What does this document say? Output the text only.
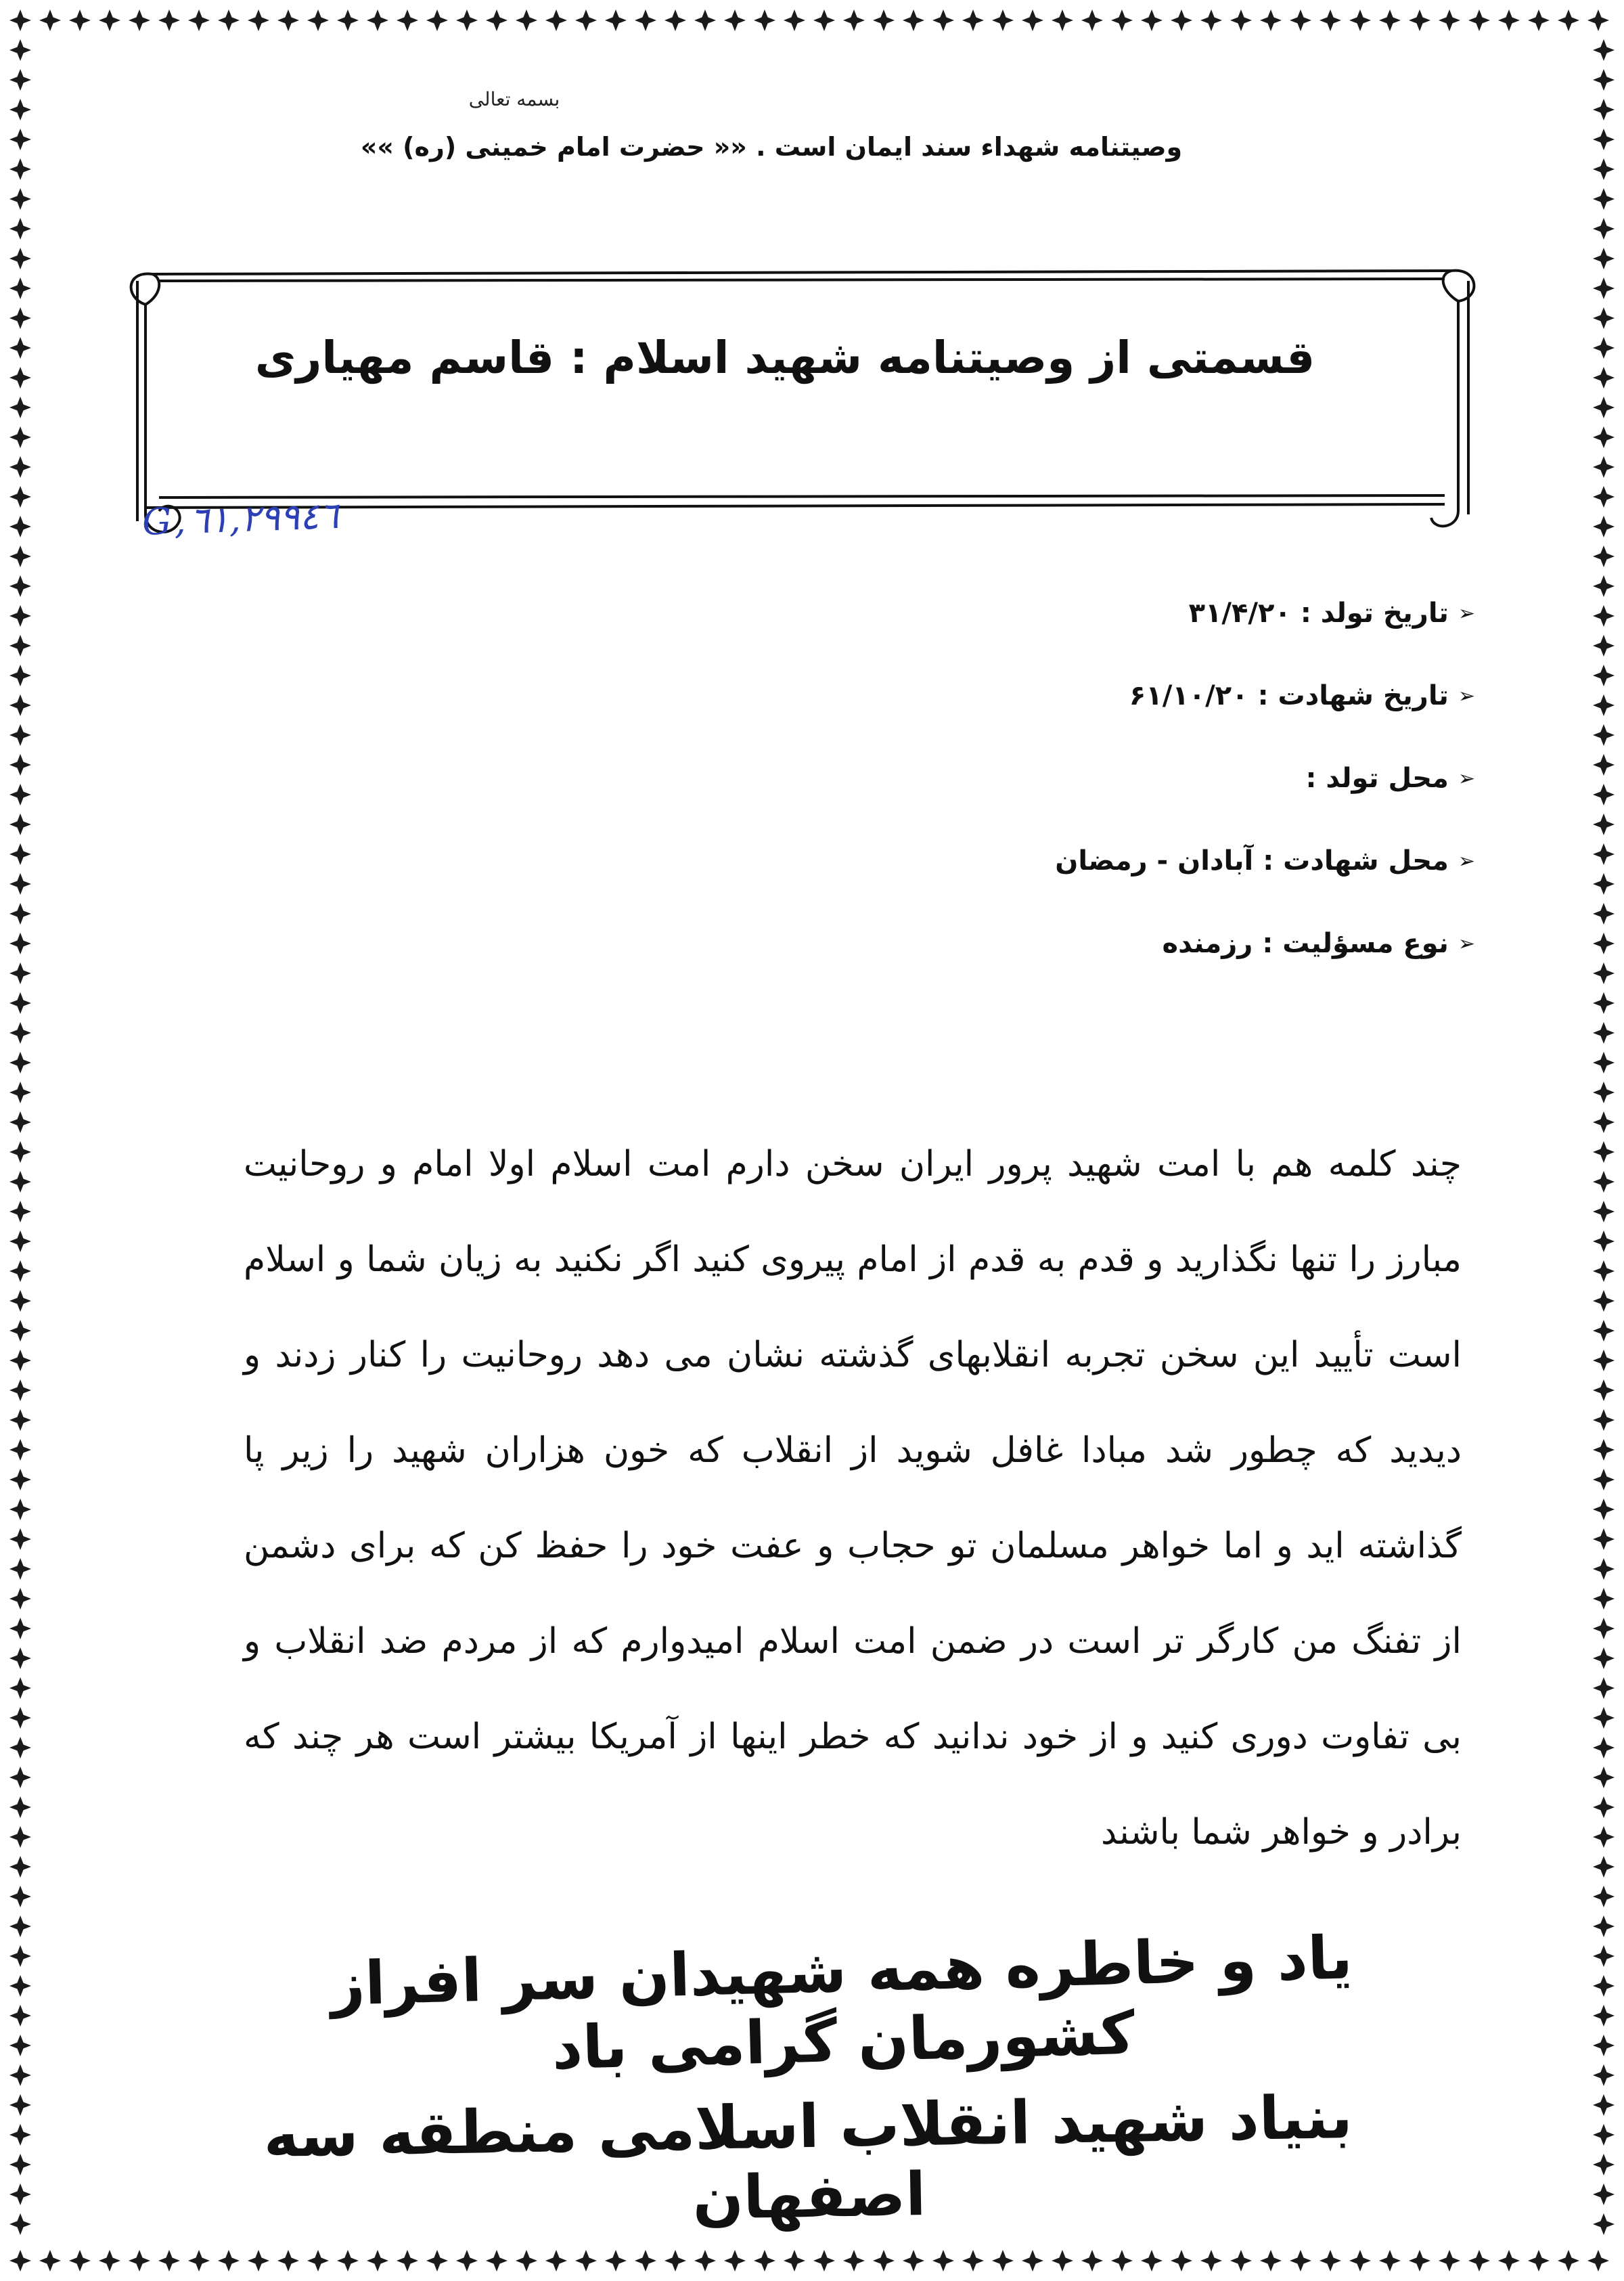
بسمه تعالی
وصیتنامه شهداء سند ایمان است . «« حضرت امام خمینی (ره) »»
قسمتی از وصیتنامه شهید اسلام : قاسم مهیاری
G,٦١,٢٩٩٤٦
➢
تاریخ تولد :
۳۱/۴/۲۰
➢
تاریخ شهادت :
۶۱/۱۰/۲۰
➢
محل تولد :
➢
محل شهادت :
آبادان - رمضان
➢
نوع مسؤلیت :
رزمنده
چند کلمه هم با امت شهید پرور ایران سخن دارم امت اسلام اولا امام و روحانیت مبارز را تنها نگذارید و قدم به قدم از امام پیروی کنید اگر نکنید به زیان شما و اسلام است تأیید این سخن تجربه انقلابهای گذشته نشان می دهد روحانیت را کنار زدند و دیدید که چطور شد مبادا غافل شوید از انقلاب که خون هزاران شهید را زیر پا گذاشته اید و اما خواهر مسلمان تو حجاب و عفت خود را حفظ کن که برای دشمن از تفنگ من کارگر تر است در ضمن امت اسلام امیدوارم که از مردم ضد انقلاب و بی تفاوت دوری کنید و از خود ندانید که خطر اینها از آمریکا بیشتر است هر چند که برادر و خواهر شما باشند
یاد و خاطره همه شهیدان سر افراز کشورمان گرامی باد
بنیاد شهید انقلاب اسلامی منطقه سه اصفهان
